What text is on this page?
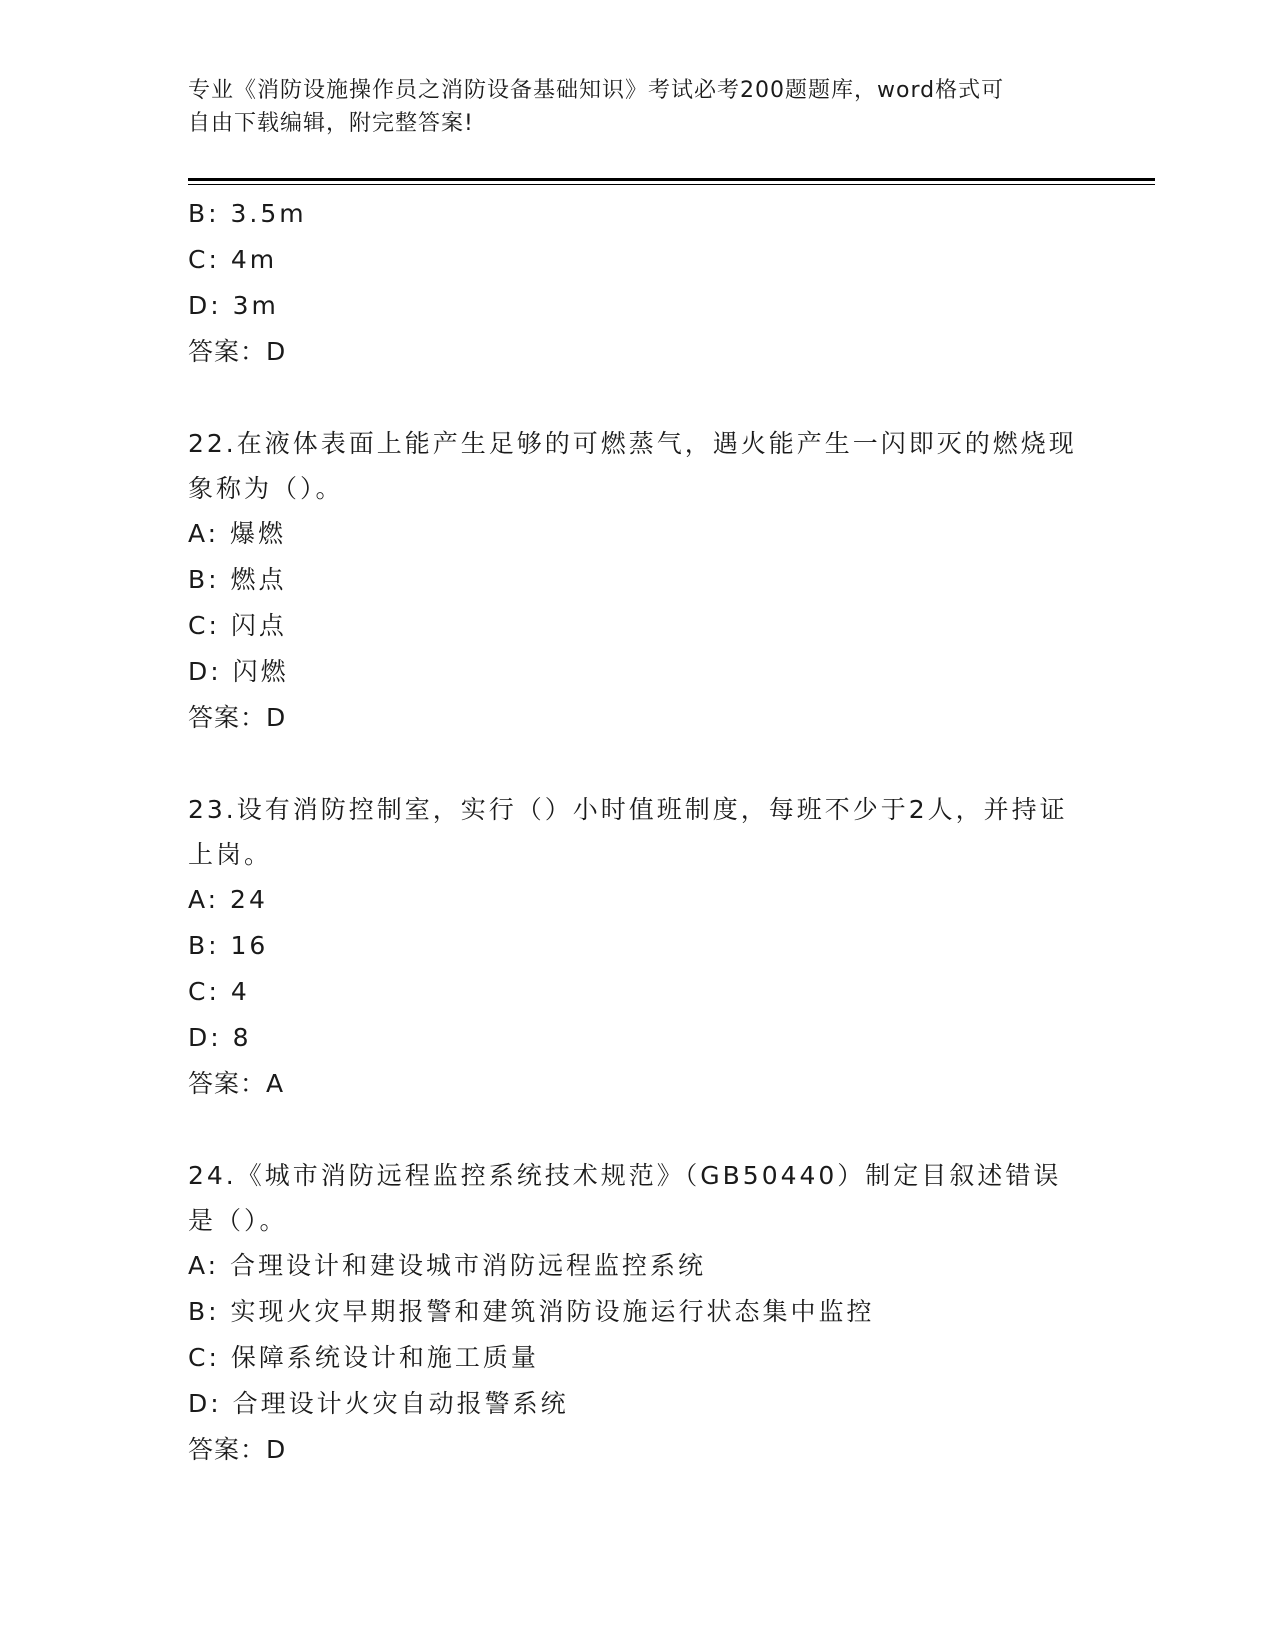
专业《消防设施操作员之消防设备基础知识》考试必考200题题库，word格式可
自由下载编辑，附完整答案!
B: 3.5m
C: 4m
D: 3m
答案：D
22.在液体表面上能产生足够的可燃蒸气，遇火能产生一闪即灭的燃烧现象称为（）。
A: 爆燃
B: 燃点
C: 闪点
D: 闪燃
答案：D
23.设有消防控制室，实行（）小时值班制度，每班不少于2人，并持证上岗。
A: 24
B: 16
C: 4
D: 8
答案：A
24.《城市消防远程监控系统技术规范》（GB50440）制定目叙述错误是（）。
A: 合理设计和建设城市消防远程监控系统
B: 实现火灾早期报警和建筑消防设施运行状态集中监控
C: 保障系统设计和施工质量
D: 合理设计火灾自动报警系统
答案：D
